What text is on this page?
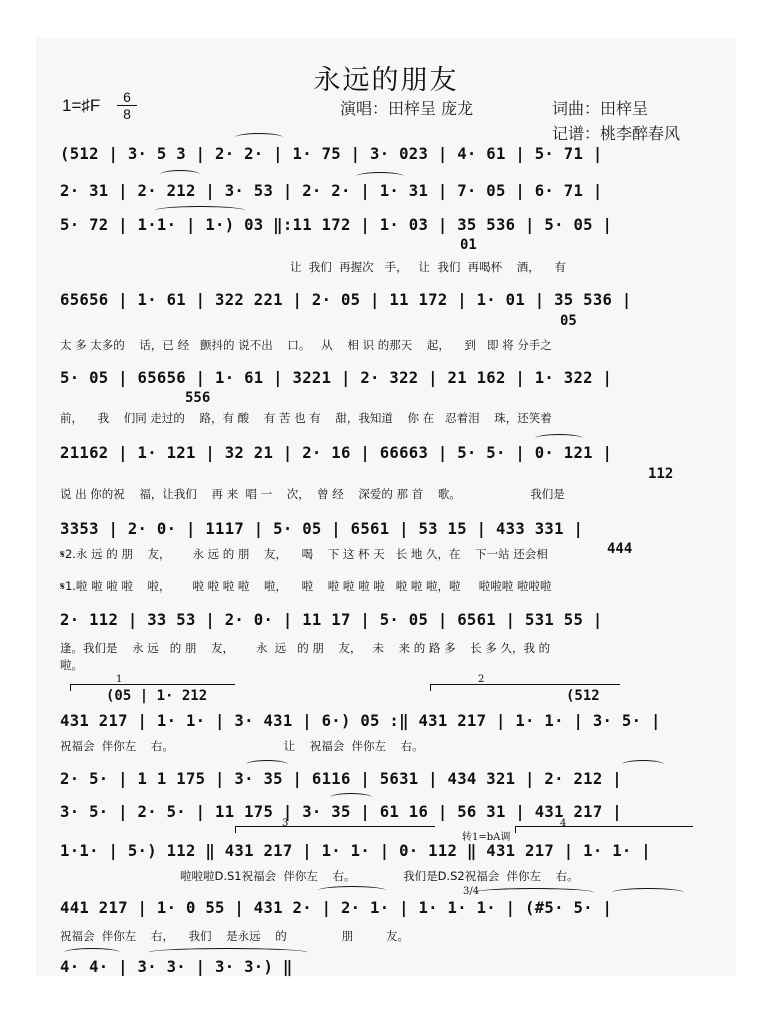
永远的朋友
1=♯F	6
8	演唱：田梓呈 庞龙	词曲：田梓呈
记谱：桃李醉春风
(512 | 3· 5 3 | 2· 2· | 1· 75 | 3· 023 | 4· 61 | 5· 71 |
2· 31 | 2· 212 | 3· 53 | 2· 2· | 1· 31 | 7· 05 | 6· 71 |
5· 72 | 1·1· | 1·) 03 ‖:11 172 | 1· 03 | 35 536 | 5· 05 |
01
让  我们  再握次   手，   让  我们  再喝杯    酒，    有
65656 | 1· 61 | 322 221 | 2· 05 | 11 172 | 1· 01 | 35 536 |
05
太 多 太多的    话，已 经   颤抖的 说不出    口。   从    相 识 的那天    起，    到   即 将 分手之
5· 05 | 65656 | 1· 61 | 3221 | 2· 322 | 21 162 | 1· 322 |
556
前，    我    们同 走过的    路，有 酸    有 苦 也 有    甜，我知道    你 在   忍着泪    珠，还笑着
21162 | 1· 121 | 32 21 | 2· 16 | 66663 | 5· 5· | 0· 121 |
112
说 出 你的祝    福，让我们    再 来  唱 一    次，  曾 经    深爱的 那 首    歌。                   我们是
3353 | 2· 0· | 1117 | 5· 05 | 6561 | 53 15 | 433 331 |
444
𝄋2.永 远 的 朋    友，      永 远 的 朋    友，    喝    下 这 杯 天   长 地 久，在    下一站 还会相
𝄋1.啦 啦 啦 啦    啦，      啦 啦 啦 啦    啦，    啦    啦 啦 啦 啦   啦 啦 啦，啦     啦啦啦 啦啦啦
2· 112 | 33 53 | 2· 0· | 11 17 | 5· 05 | 6561 | 531 55 |
逢。我们是    永 远   的 朋    友，      永  远   的 朋    友，   未    来 的 路 多    长 多 久，我 的
啦。
1	2
(05 | 1· 212	(512
431 217 | 1· 1· | 3· 431 | 6·) 05 :‖ 431 217 | 1· 1· | 3· 5· |
祝福会  伴你左    右。                              让    祝福会  伴你左    右。
2· 5· | 1 1 175 | 3· 35 | 6116 | 5631 | 434 321 | 2· 212 |
3· 5· | 2· 5· | 11 175 | 3· 35 | 61 16 | 56 31 | 431 217 |
3	4
转1=bA调
1·1· | 5·) 112 ‖ 431 217 | 1· 1· | 0· 112 ‖ 431 217 | 1· 1· |
啦啦啦D.S1祝福会  伴你左    右。             我们是D.S2祝福会  伴你左    右。
3/4
441 217 | 1· 0 55 | 431 2· | 2· 1· | 1· 1· 1· | (#5· 5· |
祝福会  伴你左    右，    我们    是永远    的               朋         友。
4· 4· | 3· 3· | 3· 3·) ‖
